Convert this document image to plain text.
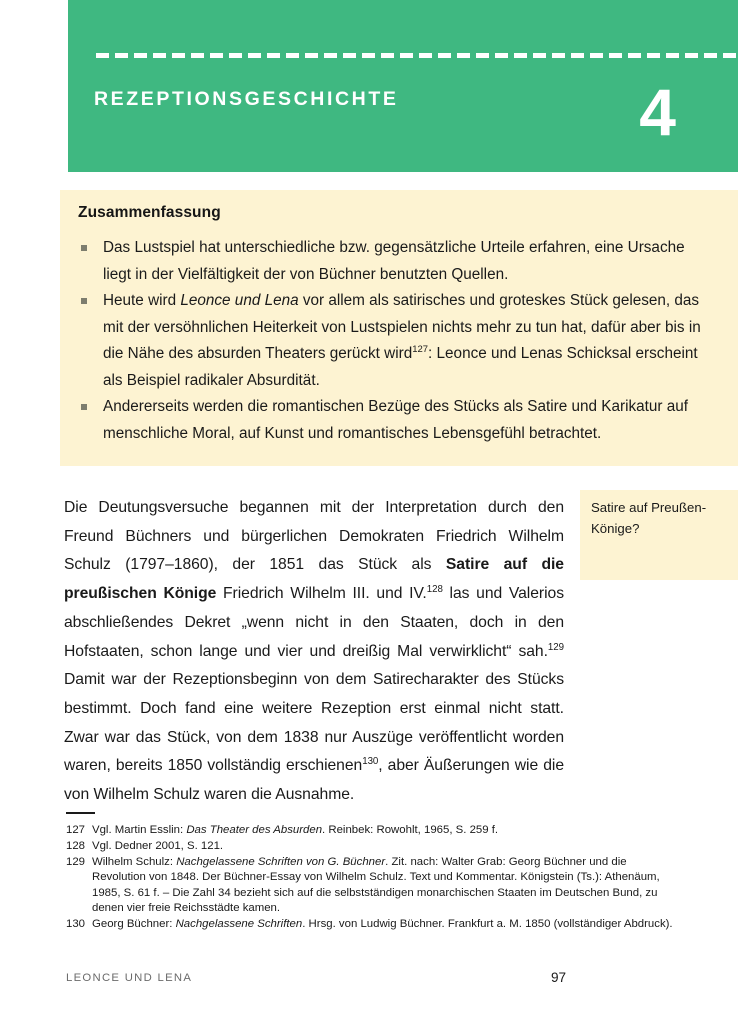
REZEPTIONSGESCHICHTE	4
Zusammenfassung
Das Lustspiel hat unterschiedliche bzw. gegensätzliche Urteile erfahren, eine Ursache liegt in der Vielfältigkeit der von Büchner benutzten Quellen.
Heute wird Leonce und Lena vor allem als satirisches und groteskes Stück gelesen, das mit der versöhnlichen Heiterkeit von Lustspielen nichts mehr zu tun hat, dafür aber bis in die Nähe des absurden Theaters gerückt wird$^{127}$: Leonce und Lenas Schicksal erscheint als Beispiel radikaler Absurdität.
Andererseits werden die romantischen Bezüge des Stücks als Satire und Karikatur auf menschliche Moral, auf Kunst und romantisches Lebensgefühl betrachtet.
Die Deutungsversuche begannen mit der Interpretation durch den Freund Büchners und bürgerlichen Demokraten Friedrich Wilhelm Schulz (1797–1860), der 1851 das Stück als Satire auf die preußischen Könige Friedrich Wilhelm III. und IV.$^{128}$ las und Valerios abschließendes Dekret „wenn nicht in den Staaten, doch in den Hofstaaten, schon lange und vier und dreißig Mal verwirklicht“ sah.$^{129}$ Damit war der Rezeptionsbeginn von dem Satirecharakter des Stücks bestimmt. Doch fand eine weitere Rezeption erst einmal nicht statt. Zwar war das Stück, von dem 1838 nur Auszüge veröffentlicht worden waren, bereits 1850 vollständig erschienen$^{130}$, aber Äußerungen wie die von Wilhelm Schulz waren die Ausnahme.
Satire auf Preußen-Könige?
127 Vgl. Martin Esslin: Das Theater des Absurden. Reinbek: Rowohlt, 1965, S. 259 f.
128 Vgl. Dedner 2001, S. 121.
129 Wilhelm Schulz: Nachgelassene Schriften von G. Büchner. Zit. nach: Walter Grab: Georg Büchner und die Revolution von 1848. Der Büchner-Essay von Wilhelm Schulz. Text und Kommentar. Königstein (Ts.): Athenäum, 1985, S. 61 f. – Die Zahl 34 bezieht sich auf die selbstständigen monarchischen Staaten im Deutschen Bund, zu denen vier freie Reichsstädte kamen.
130 Georg Büchner: Nachgelassene Schriften. Hrsg. von Ludwig Büchner. Frankfurt a. M. 1850 (vollständiger Abdruck).
LEONCE UND LENA	97
